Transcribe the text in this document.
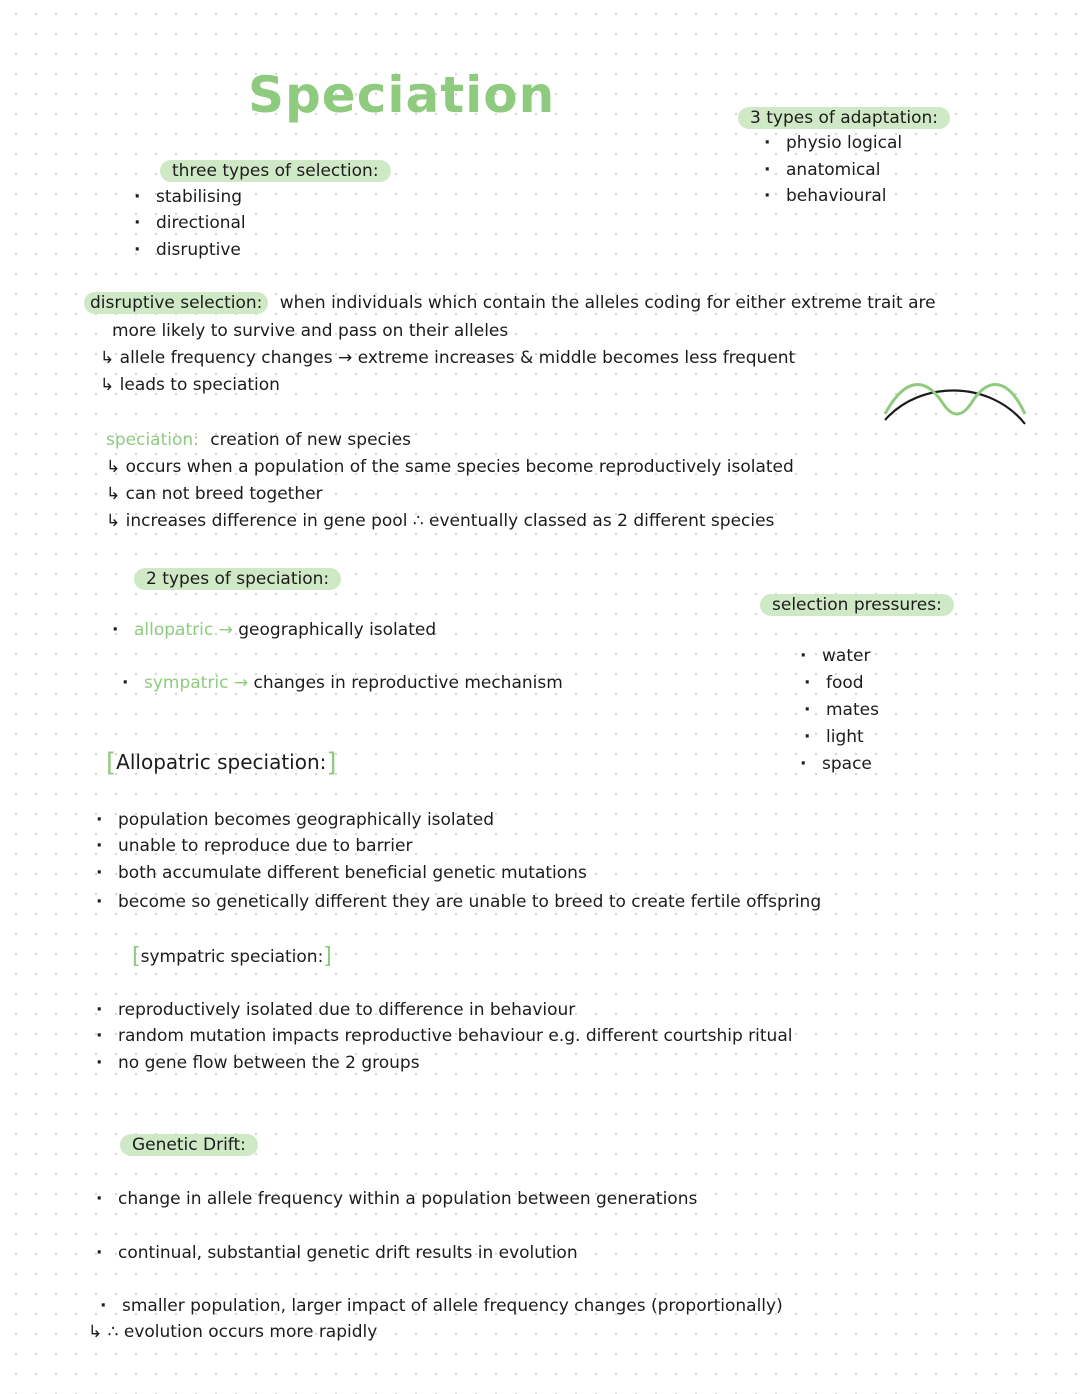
Speciation
three types of selection:
· stabilising
· directional
· disruptive
3 types of adaptation:
· physio logical
· anatomical
· behavioural
disruptive selection: when individuals which contain the alleles coding for either extreme trait are
more likely to survive and pass on their alleles
↳ allele frequency changes → extreme increases & middle becomes less frequent
↳ leads to speciation
speciation: creation of new species
↳ occurs when a population of the same species become reproductively isolated
↳ can not breed together
↳ increases difference in gene pool ∴ eventually classed as 2 different species
2 types of speciation:
· allopatric → geographically isolated
· sympatric → changes in reproductive mechanism
selection pressures:
· water
· food
· mates
· light
· space
[Allopatric speciation:]
· population becomes geographically isolated
· unable to reproduce due to barrier
· both accumulate different beneficial genetic mutations
· become so genetically different they are unable to breed to create fertile offspring
[sympatric speciation:]
· reproductively isolated due to difference in behaviour
· random mutation impacts reproductive behaviour e.g. different courtship ritual
· no gene flow between the 2 groups
Genetic Drift:
· change in allele frequency within a population between generations
· continual, substantial genetic drift results in evolution
· smaller population, larger impact of allele frequency changes (proportionally)
↳ ∴ evolution occurs more rapidly
